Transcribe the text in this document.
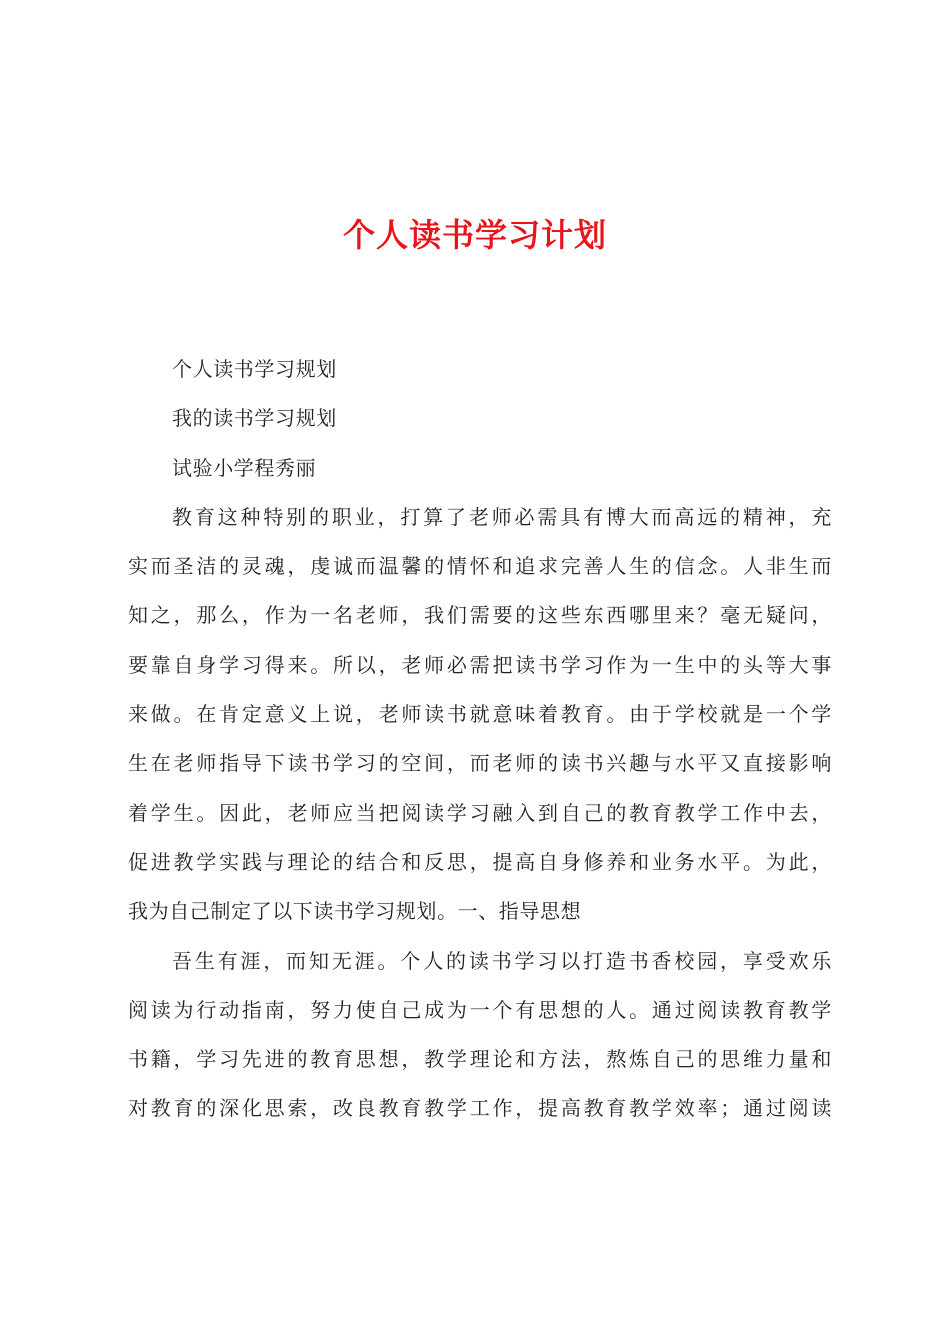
个人读书学习计划
个人读书学习规划
我的读书学习规划
试验小学程秀丽
教育这种特别的职业，打算了老师必需具有博大而高远的精神，充
实而圣洁的灵魂，虔诚而温馨的情怀和追求完善人生的信念。人非生而
知之，那么，作为一名老师，我们需要的这些东西哪里来？毫无疑问，
要靠自身学习得来。所以，老师必需把读书学习作为一生中的头等大事
来做。在肯定意义上说，老师读书就意味着教育。由于学校就是一个学
生在老师指导下读书学习的空间，而老师的读书兴趣与水平又直接影响
着学生。因此，老师应当把阅读学习融入到自己的教育教学工作中去，
促进教学实践与理论的结合和反思，提高自身修养和业务水平。为此，
我为自己制定了以下读书学习规划。一、指导思想
吾生有涯，而知无涯。个人的读书学习以打造书香校园，享受欢乐
阅读为行动指南，努力使自己成为一个有思想的人。通过阅读教育教学
书籍，学习先进的教育思想，教学理论和方法，熬炼自己的思维力量和
对教育的深化思索，改良教育教学工作，提高教育教学效率；通过阅读
